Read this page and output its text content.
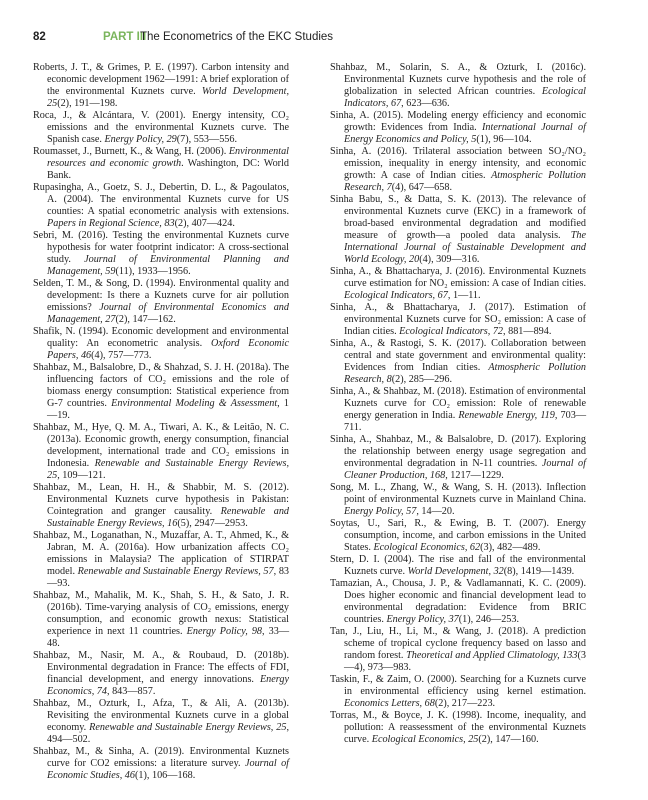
82	PART III
The Econometrics of the EKC Studies

Roberts, J. T., & Grimes, P. E. (1997). Carbon intensity and economic development 1962—1991: A brief exploration of the environmental Kuznets curve. World Development, 25(2), 191—198.

Roca, J., & Alcántara, V. (2001). Energy intensity, CO₂ emissions and the environmental Kuznets curve. The Spanish case. Energy Policy, 29(7), 553—556.

Roumasset, J., Burnett, K., & Wang, H. (2006). Environmental resources and economic growth. Washington, DC: World Bank.

Rupasingha, A., Goetz, S. J., Debertin, D. L., & Pagoulatos, A. (2004). The environmental Kuznets curve for US counties: A spatial econometric analysis with extensions. Papers in Regional Science, 83(2), 407—424.

Sebri, M. (2016). Testing the environmental Kuznets curve hypothesis for water footprint indicator: A cross-sectional study. Journal of Environmental Planning and Management, 59(11), 1933—1956.

Selden, T. M., & Song, D. (1994). Environmental quality and development: Is there a Kuznets curve for air pollution emissions? Journal of Environmental Economics and Management, 27(2), 147—162.

Shafik, N. (1994). Economic development and environmental quality: An econometric analysis. Oxford Economic Papers, 46(4), 757—773.

Shahbaz, M., Balsalobre, D., & Shahzad, S. J. H. (2018a). The influencing factors of CO₂ emissions and the role of biomass energy consumption: Statistical experience from G-7 countries. Environmental Modeling & Assessment, 1—19.

Shahbaz, M., Hye, Q. M. A., Tiwari, A. K., & Leitão, N. C. (2013a). Economic growth, energy consumption, financial development, international trade and CO₂ emissions in Indonesia. Renewable and Sustainable Energy Reviews, 25, 109—121.

Shahbaz, M., Lean, H. H., & Shabbir, M. S. (2012). Environmental Kuznets curve hypothesis in Pakistan: Cointegration and granger causality. Renewable and Sustainable Energy Reviews, 16(5), 2947—2953.

Shahbaz, M., Loganathan, N., Muzaffar, A. T., Ahmed, K., & Jabran, M. A. (2016a). How urbanization affects CO₂ emissions in Malaysia? The application of STIRPAT model. Renewable and Sustainable Energy Reviews, 57, 83—93.

Shahbaz, M., Mahalik, M. K., Shah, S. H., & Sato, J. R. (2016b). Time-varying analysis of CO₂ emissions, energy consumption, and economic growth nexus: Statistical experience in next 11 countries. Energy Policy, 98, 33—48.

Shahbaz, M., Nasir, M. A., & Roubaud, D. (2018b). Environmental degradation in France: The effects of FDI, financial development, and energy innovations. Energy Economics, 74, 843—857.

Shahbaz, M., Ozturk, I., Afza, T., & Ali, A. (2013b). Revisiting the environmental Kuznets curve in a global economy. Renewable and Sustainable Energy Reviews, 25, 494—502.

Shahbaz, M., & Sinha, A. (2019). Environmental Kuznets curve for CO2 emissions: a literature survey. Journal of Economic Studies, 46(1), 106—168.

Shahbaz, M., Solarin, S. A., & Ozturk, I. (2016c). Environmental Kuznets curve hypothesis and the role of globalization in selected African countries. Ecological Indicators, 67, 623—636.

Sinha, A. (2015). Modeling energy efficiency and economic growth: Evidences from India. International Journal of Energy Economics and Policy, 5(1), 96—104.

Sinha, A. (2016). Trilateral association between SO₂/NO₂ emission, inequality in energy intensity, and economic growth: A case of Indian cities. Atmospheric Pollution Research, 7(4), 647—658.

Sinha Babu, S., & Datta, S. K. (2013). The relevance of environmental Kuznets curve (EKC) in a framework of broad-based environmental degradation and modified measure of growth—a pooled data analysis. The International Journal of Sustainable Development and World Ecology, 20(4), 309—316.

Sinha, A., & Bhattacharya, J. (2016). Environmental Kuznets curve estimation for NO₂ emission: A case of Indian cities. Ecological Indicators, 67, 1—11.

Sinha, A., & Bhattacharya, J. (2017). Estimation of environmental Kuznets curve for SO₂ emission: A case of Indian cities. Ecological Indicators, 72, 881—894.

Sinha, A., & Rastogi, S. K. (2017). Collaboration between central and state government and environmental quality: Evidences from Indian cities. Atmospheric Pollution Research, 8(2), 285—296.

Sinha, A., & Shahbaz, M. (2018). Estimation of environmental Kuznets curve for CO₂ emission: Role of renewable energy generation in India. Renewable Energy, 119, 703—711.

Sinha, A., Shahbaz, M., & Balsalobre, D. (2017). Exploring the relationship between energy usage segregation and environmental degradation in N-11 countries. Journal of Cleaner Production, 168, 1217—1229.

Song, M. L., Zhang, W., & Wang, S. H. (2013). Inflection point of environmental Kuznets curve in Mainland China. Energy Policy, 57, 14—20.

Soytas, U., Sari, R., & Ewing, B. T. (2007). Energy consumption, income, and carbon emissions in the United States. Ecological Economics, 62(3), 482—489.

Stern, D. I. (2004). The rise and fall of the environmental Kuznets curve. World Development, 32(8), 1419—1439.

Tamazian, A., Chousa, J. P., & Vadlamannati, K. C. (2009). Does higher economic and financial development lead to environmental degradation: Evidence from BRIC countries. Energy Policy, 37(1), 246—253.

Tan, J., Liu, H., Li, M., & Wang, J. (2018). A prediction scheme of tropical cyclone frequency based on lasso and random forest. Theoretical and Applied Climatology, 133(3—4), 973—983.

Taskin, F., & Zaim, O. (2000). Searching for a Kuznets curve in environmental efficiency using kernel estimation. Economics Letters, 68(2), 217—223.

Torras, M., & Boyce, J. K. (1998). Income, inequality, and pollution: A reassessment of the environmental Kuznets curve. Ecological Economics, 25(2), 147—160.
